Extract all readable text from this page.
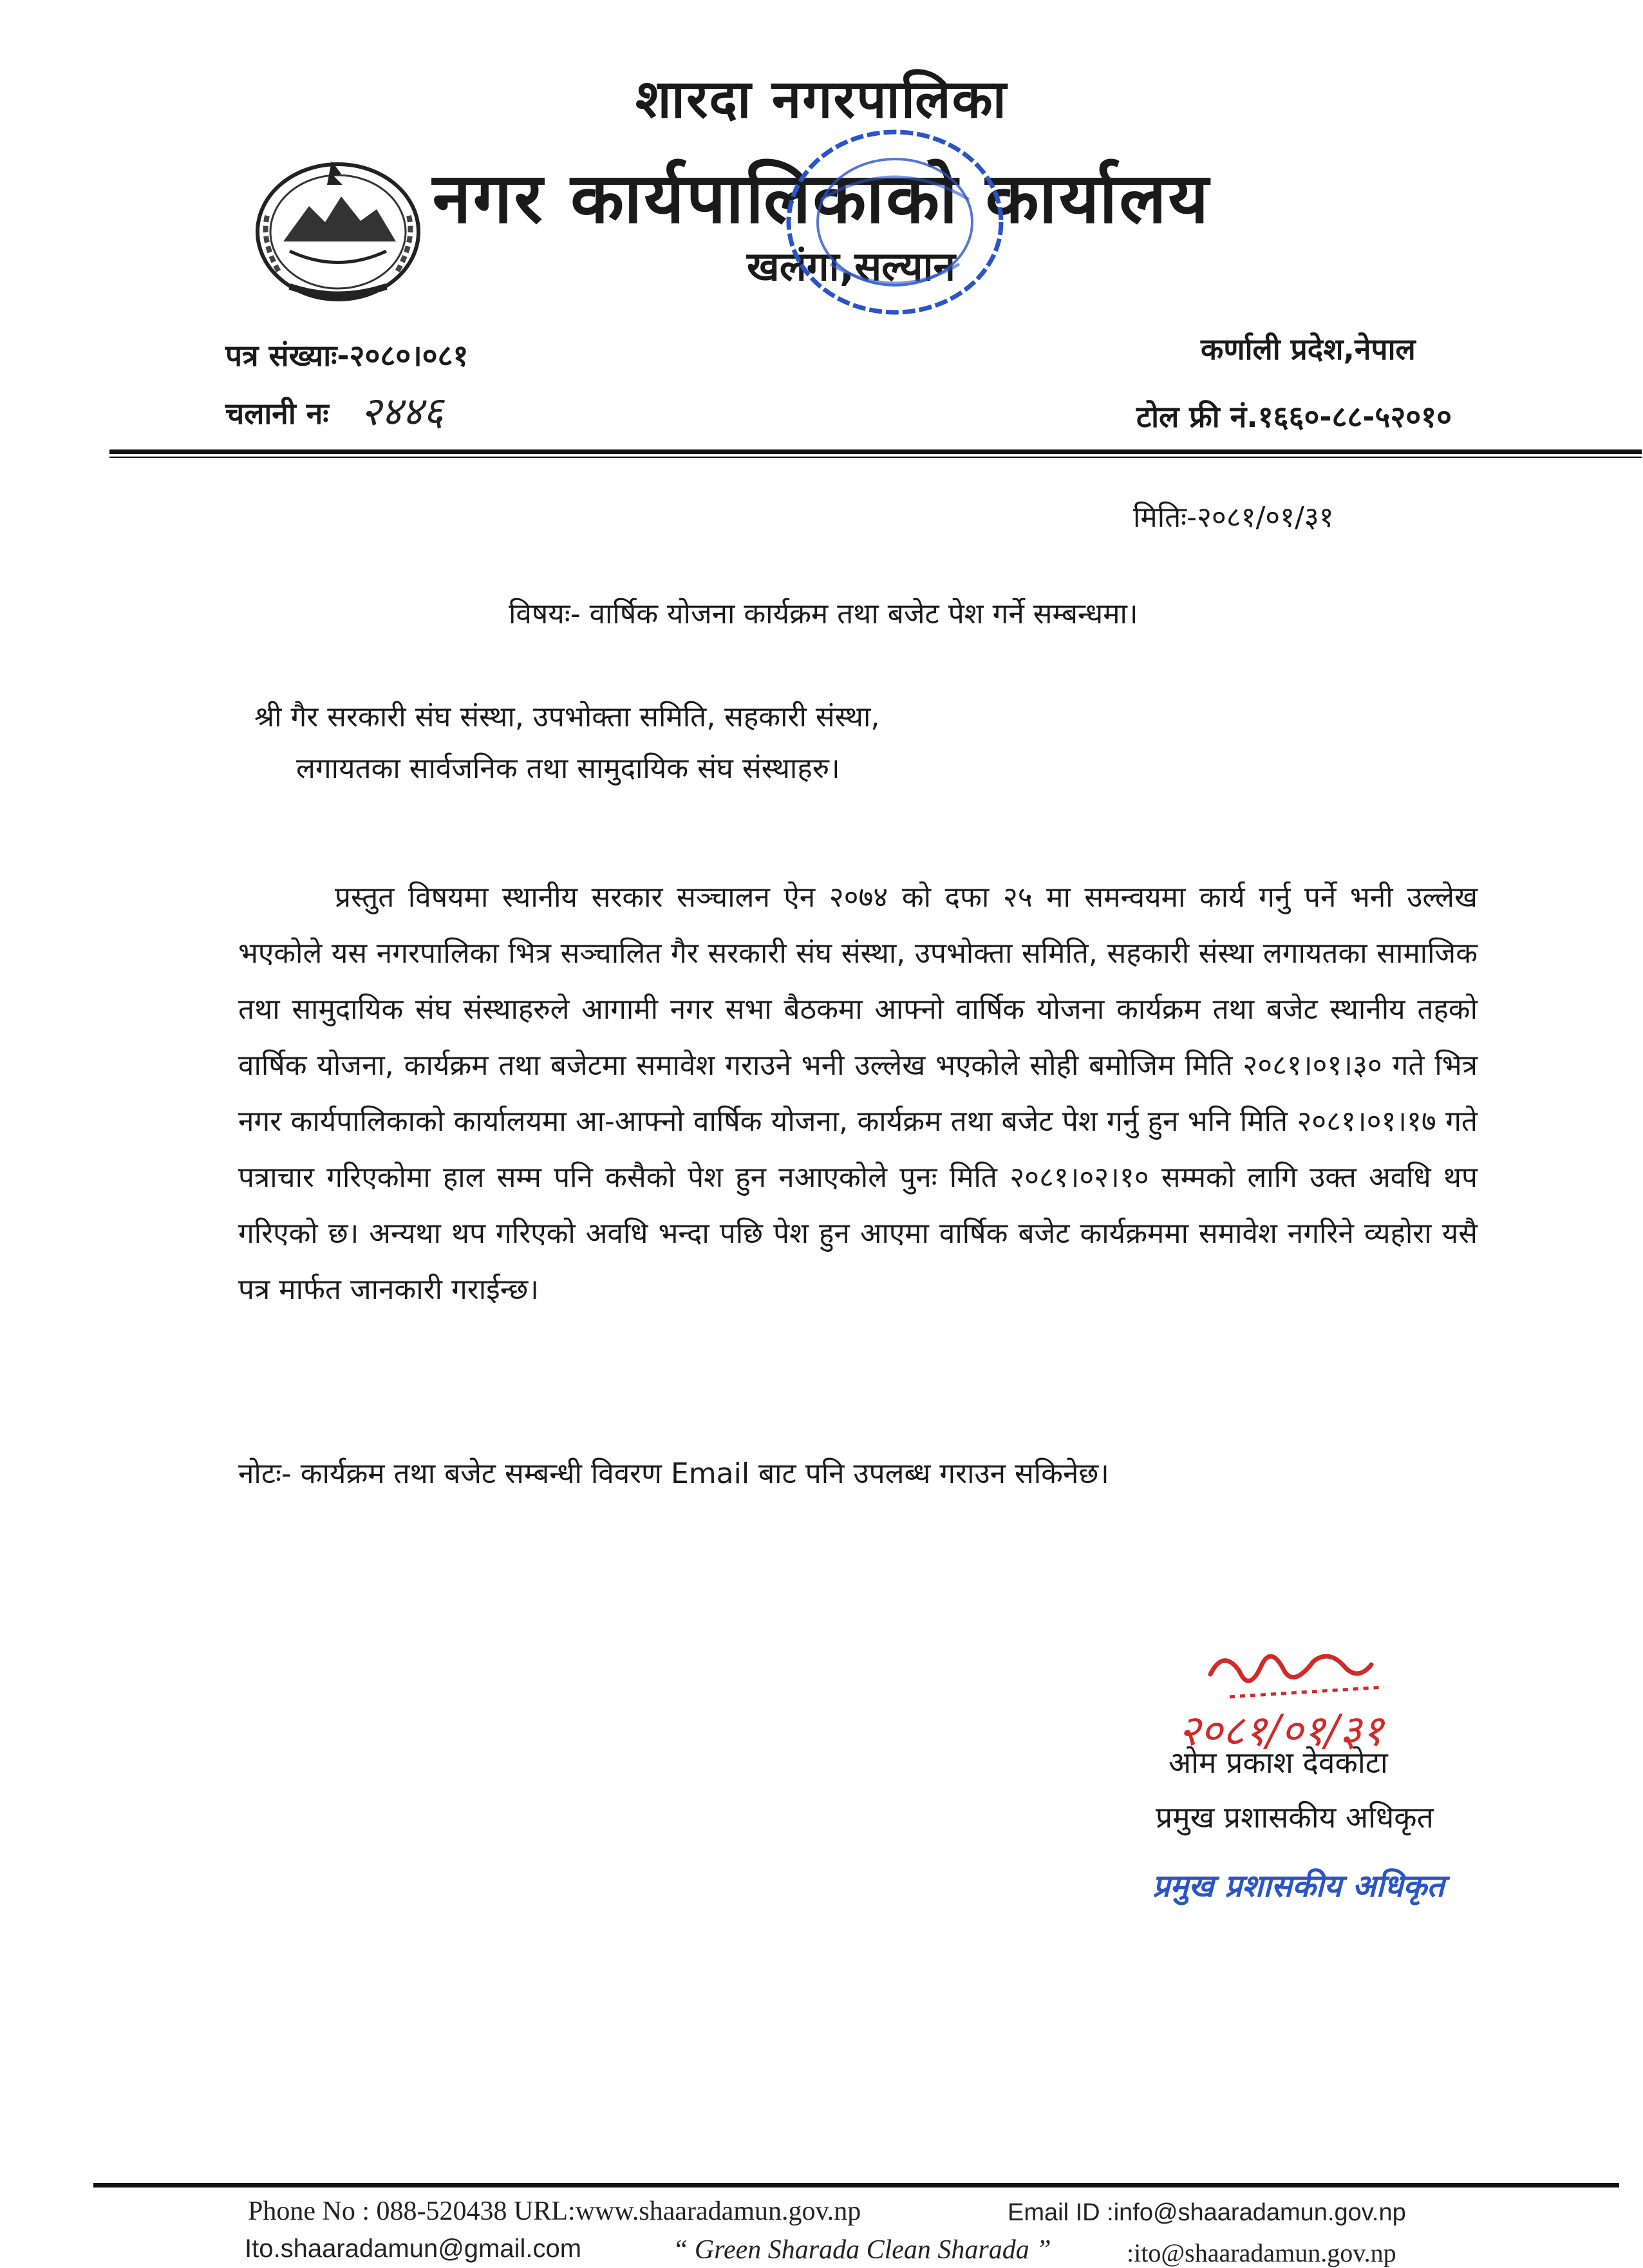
शारदा नगरपालिका
नगर कार्यपालिकाको कार्यालय
खलंगा,सल्यान
पत्र संख्याः-२०८०।०८१
चलानी नः २४४६
कर्णाली प्रदेश,नेपाल
टोल फ्री नं.१६६०-८८-५२०१०
मितिः-२०८१/०१/३१
विषयः- वार्षिक योजना कार्यक्रम तथा बजेट पेश गर्ने सम्बन्धमा।
श्री गैर सरकारी संघ संस्था, उपभोक्ता समिति, सहकारी संस्था,
लगायतका सार्वजनिक तथा सामुदायिक संघ संस्थाहरु।
प्रस्तुत विषयमा स्थानीय सरकार सञ्चालन ऐन २०७४ को दफा २५ मा समन्वयमा कार्य गर्नु पर्ने भनी उल्लेख भएकोले यस नगरपालिका भित्र सञ्चालित गैर सरकारी संघ संस्था, उपभोक्ता समिति, सहकारी संस्था लगायतका सामाजिक तथा सामुदायिक संघ संस्थाहरुले आगामी नगर सभा बैठकमा आफ्नो वार्षिक योजना कार्यक्रम तथा बजेट स्थानीय तहको वार्षिक योजना, कार्यक्रम तथा बजेटमा समावेश गराउने भनी उल्लेख भएकोले सोही बमोजिम मिति २०८१।०१।३० गते भित्र नगर कार्यपालिकाको कार्यालयमा आ-आफ्नो वार्षिक योजना, कार्यक्रम तथा बजेट पेश गर्नु हुन भनि मिति २०८१।०१।१७ गते पत्राचार गरिएकोमा हाल सम्म पनि कसैको पेश हुन नआएकोले पुनः मिति २०८१।०२।१० सम्मको लागि उक्त अवधि थप गरिएको छ। अन्यथा थप गरिएको अवधि भन्दा पछि पेश हुन आएमा वार्षिक बजेट कार्यक्रममा समावेश नगरिने व्यहोरा यसै पत्र मार्फत जानकारी गराईन्छ।
नोटः- कार्यक्रम तथा बजेट सम्बन्धी विवरण Email बाट पनि उपलब्ध गराउन सकिनेछ।
२०८१/०१/३१
ओम प्रकाश देवकोटा
प्रमुख प्रशासकीय अधिकृत
प्रमुख प्रशासकीय अधिकृत
Phone No : 088-520438 URL:www.shaaradamun.gov.np	Email ID :info@shaaradamun.gov.np
Ito.shaaradamun@gmail.com	“ Green Sharada Clean Sharada ”	:ito@shaaradamun.gov.np
